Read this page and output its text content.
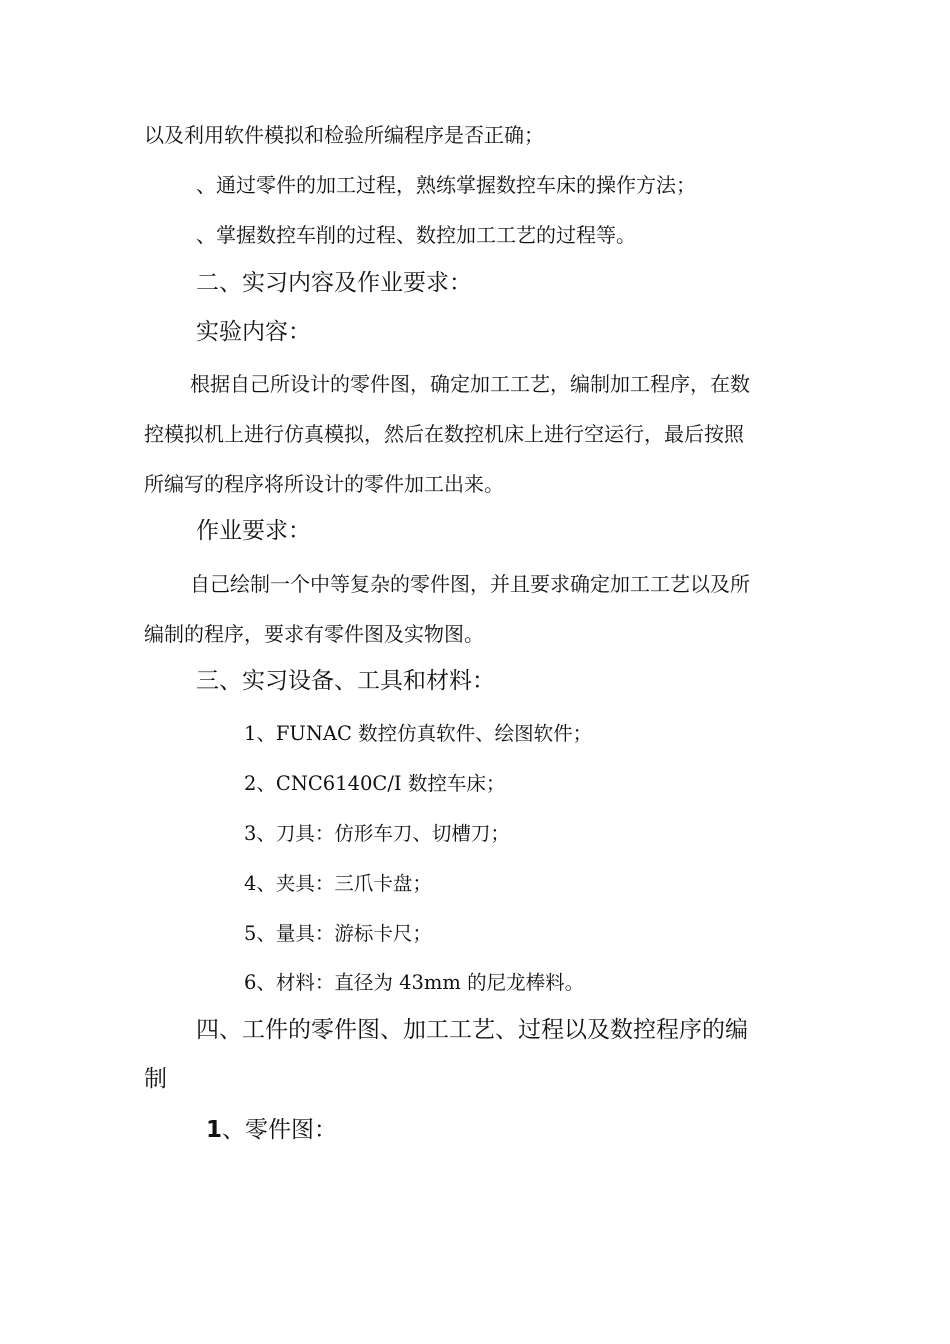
以及利用软件模拟和检验所编程序是否正确；
、通过零件的加工过程，熟练掌握数控车床的操作方法；
、掌握数控车削的过程、数控加工工艺的过程等。
二、实习内容及作业要求：
实验内容：
根据自己所设计的零件图，确定加工工艺，编制加工程序，在数
控模拟机上进行仿真模拟，然后在数控机床上进行空运行，最后按照
所编写的程序将所设计的零件加工出来。
作业要求：
自己绘制一个中等复杂的零件图，并且要求确定加工工艺以及所
编制的程序，要求有零件图及实物图。
三、实习设备、工具和材料：
1、FUNAC 数控仿真软件、绘图软件；
2、CNC6140C/I 数控车床；
3、刀具：仿形车刀、切槽刀；
4、夹具：三爪卡盘；
5、量具：游标卡尺；
6、材料：直径为 43mm 的尼龙棒料。
四、工件的零件图、加工工艺、过程以及数控程序的编
制
1、零件图：
